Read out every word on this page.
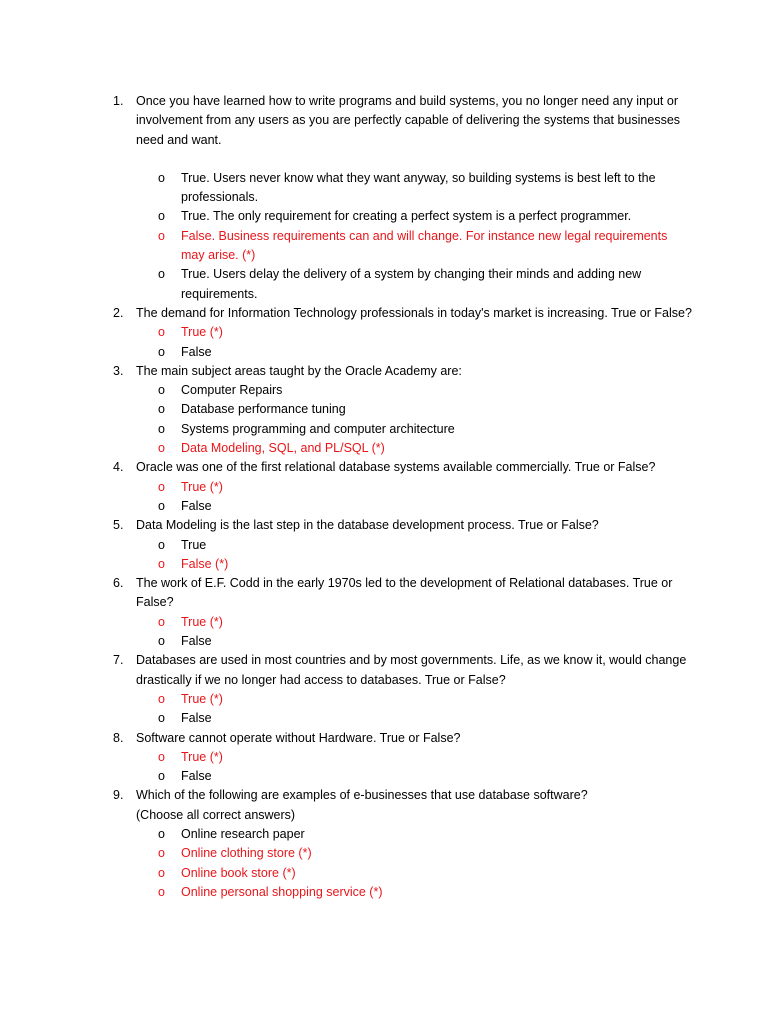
1.	Once you have learned how to write programs and build systems, you no longer need any input or involvement from any users as you are perfectly capable of delivering the systems that businesses need and want.
o True. Users never know what they want anyway, so building systems is best left to the professionals.
o True. The only requirement for creating a perfect system is a perfect programmer.
o False. Business requirements can and will change. For instance new legal requirements may arise. (*)
o True. Users delay the delivery of a system by changing their minds and adding new requirements.
2.	The demand for Information Technology professionals in today's market is increasing. True or False?
o True (*)
o False
3.	The main subject areas taught by the Oracle Academy are:
o Computer Repairs
o Database performance tuning
o Systems programming and computer architecture
o Data Modeling, SQL, and PL/SQL (*)
4.	Oracle was one of the first relational database systems available commercially. True or False?
o True (*)
o False
5.	Data Modeling is the last step in the database development process. True or False?
o True
o False (*)
6.	The work of E.F. Codd in the early 1970s led to the development of Relational databases. True or False?
o True (*)
o False
7.	Databases are used in most countries and by most governments. Life, as we know it, would change drastically if we no longer had access to databases. True or False?
o True (*)
o False
8.	Software cannot operate without Hardware. True or False?
o True (*)
o False
9.	Which of the following are examples of e-businesses that use database software?
(Choose all correct answers)
o Online research paper
o Online clothing store (*)
o Online book store (*)
o Online personal shopping service (*)
